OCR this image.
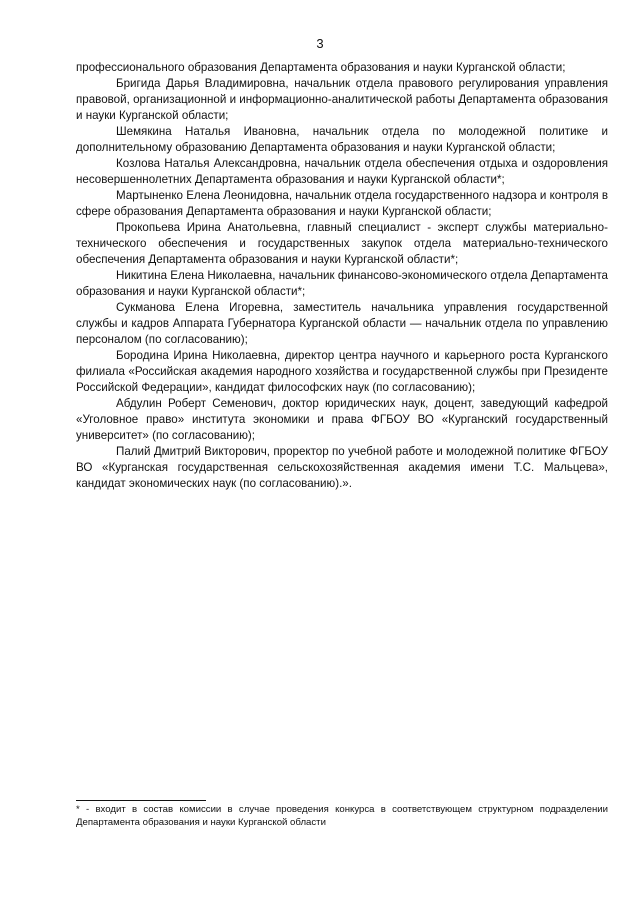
3

профессионального образования Департамента образования и науки Курганской области;

Бригида Дарья Владимировна, начальник отдела правового регулирования управления правовой, организационной и информационно-аналитической работы Департамента образования и науки Курганской области;

Шемякина Наталья Ивановна, начальник отдела по молодежной политике и дополнительному образованию Департамента образования и науки Курганской области;

Козлова Наталья Александровна, начальник отдела обеспечения отдыха и оздоровления несовершеннолетних Департамента образования и науки Курганской области*;

Мартыненко Елена Леонидовна, начальник отдела государственного надзора и контроля в сфере образования Департамента образования и науки Курганской области;

Прокопьева Ирина Анатольевна, главный специалист - эксперт службы материально-технического обеспечения и государственных закупок отдела материально-технического обеспечения Департамента образования и науки Курганской области*;

Никитина Елена Николаевна, начальник финансово-экономического отдела Департамента образования и науки Курганской области*;

Сукманова Елена Игоревна, заместитель начальника управления государственной службы и кадров Аппарата Губернатора Курганской области — начальник отдела по управлению персоналом (по согласованию);

Бородина Ирина Николаевна, директор центра научного и карьерного роста Курганского филиала «Российская академия народного хозяйства и государственной службы при Президенте Российской Федерации», кандидат философских наук (по согласованию);

Абдулин Роберт Семенович, доктор юридических наук, доцент, заведующий кафедрой «Уголовное право» института экономики и права ФГБОУ ВО «Курганский государственный университет» (по согласованию);

Палий Дмитрий Викторович, проректор по учебной работе и молодежной политике ФГБОУ ВО «Курганская государственная сельскохозяйственная академия имени Т.С. Мальцева», кандидат экономических наук (по согласованию).».

* - входит в состав комиссии в случае проведения конкурса в соответствующем структурном подразделении Департамента образования и науки Курганской области
